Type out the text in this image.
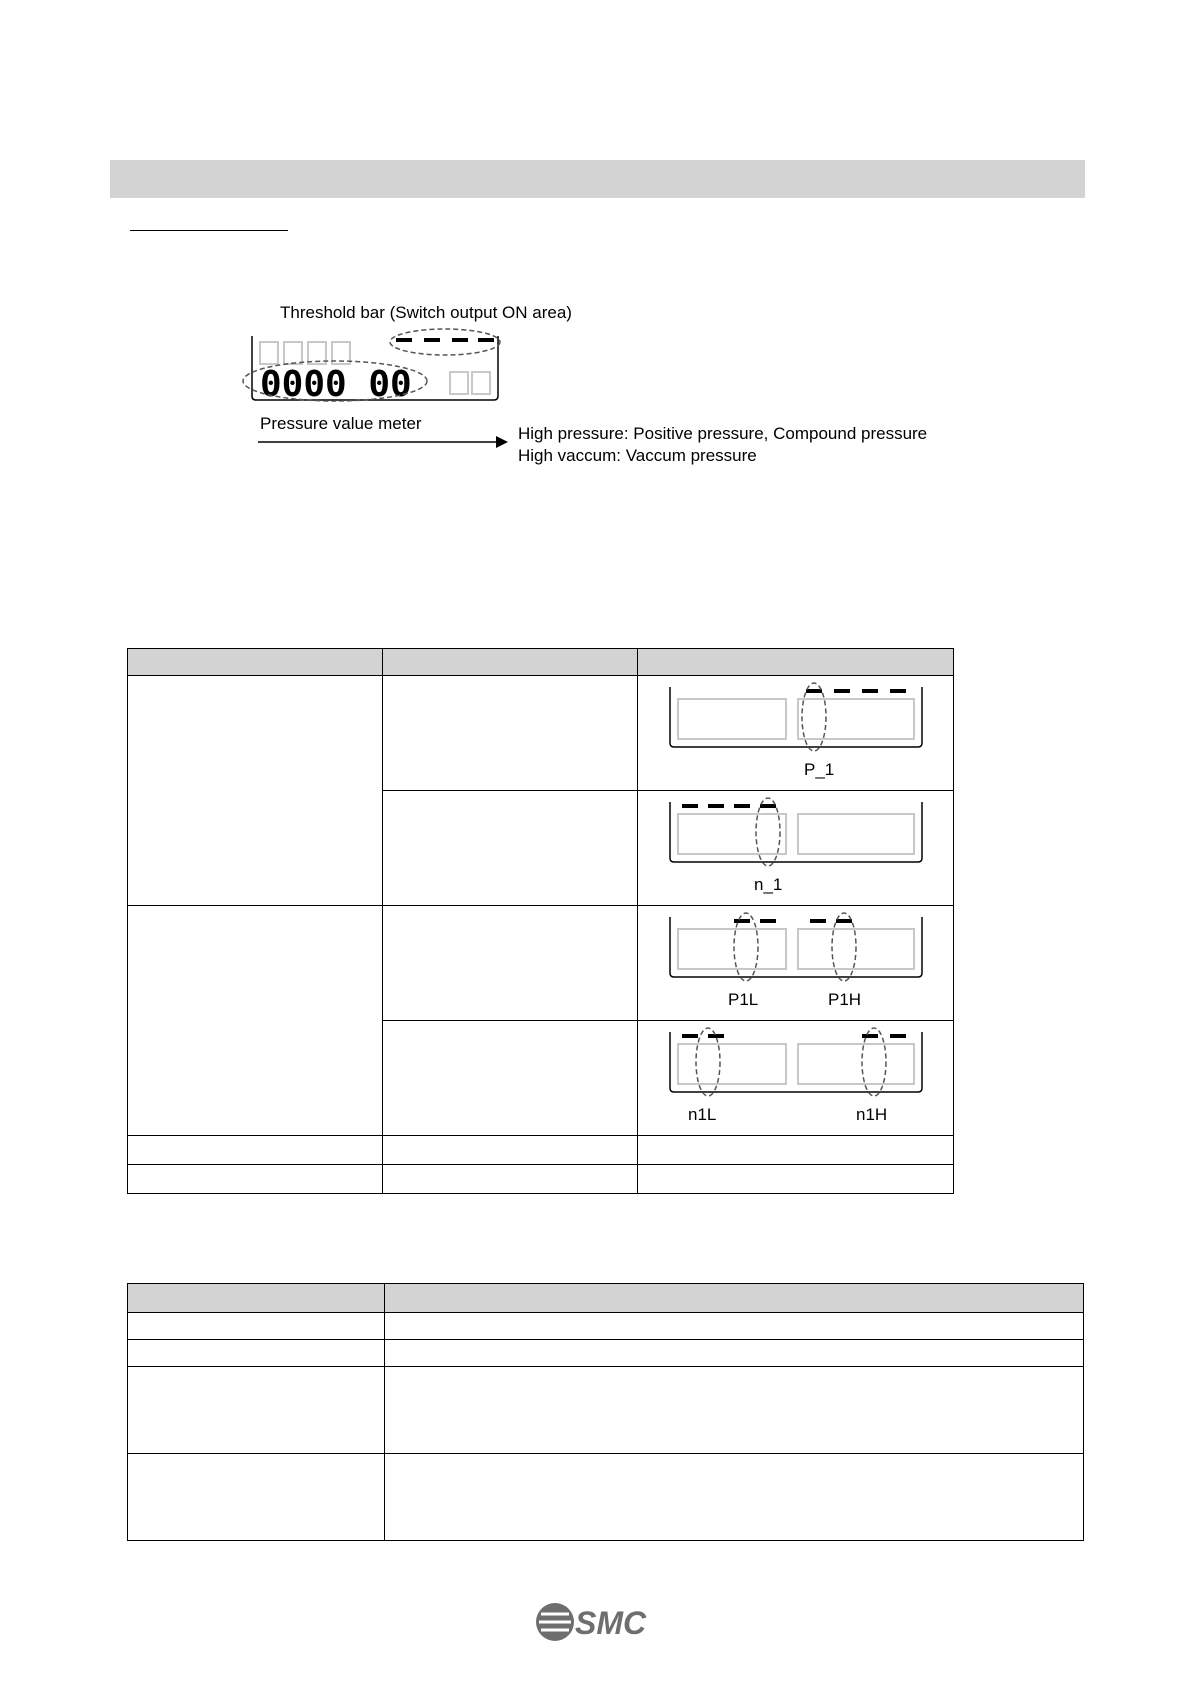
Threshold bar (Switch output ON area)
0000 00
Pressure value meter
High pressure: Positive pressure, Compound pressure
High vaccum: Vaccum pressure

P_1

n_1

P1L P1H

n1L n1H

SMC
